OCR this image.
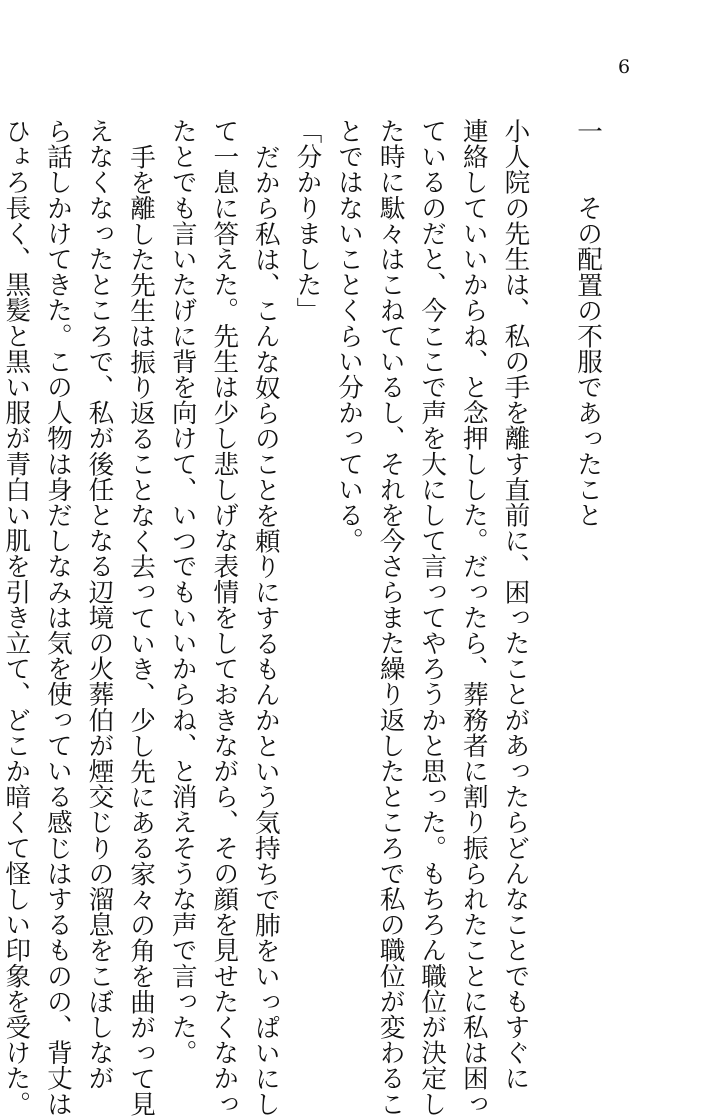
6

一その配置の不服であったこと

小人院の先生は、私の手を離す直前に、困ったことがあったらどんなことでもすぐに

連絡していいからね、と念押しした。だったら、葬務者に割り振られたことに私は困っ

ているのだと、今ここで声を大にして言ってやろうかと思った。もちろん職位が決定し

た時に駄々はこねているし、それを今さらまた繰り返したところで私の職位が変わるこ

とではないことくらい分かっている。

「分かりました」

だから私は、こんな奴らのことを頼りにするもんかという気持ちで肺をいっぱいにし

て一息に答えた。先生は少し悲しげな表情をしておきながら、その顔を見せたくなかっ

たとでも言いたげに背を向けて、いつでもいいからね、と消えそうな声で言った。

手を離した先生は振り返ることなく去っていき、少し先にある家々の角を曲がって見

えなくなったところで、私が後任となる辺境の火葬伯が煙交じりの溜息をこぼしなが

ら話しかけてきた。この人物は身だしなみは気を使っている感じはするものの、背丈は

ひょろ長く、黒髪と黒い服が青白い肌を引き立て、どこか暗くて怪しい印象を受けた。
